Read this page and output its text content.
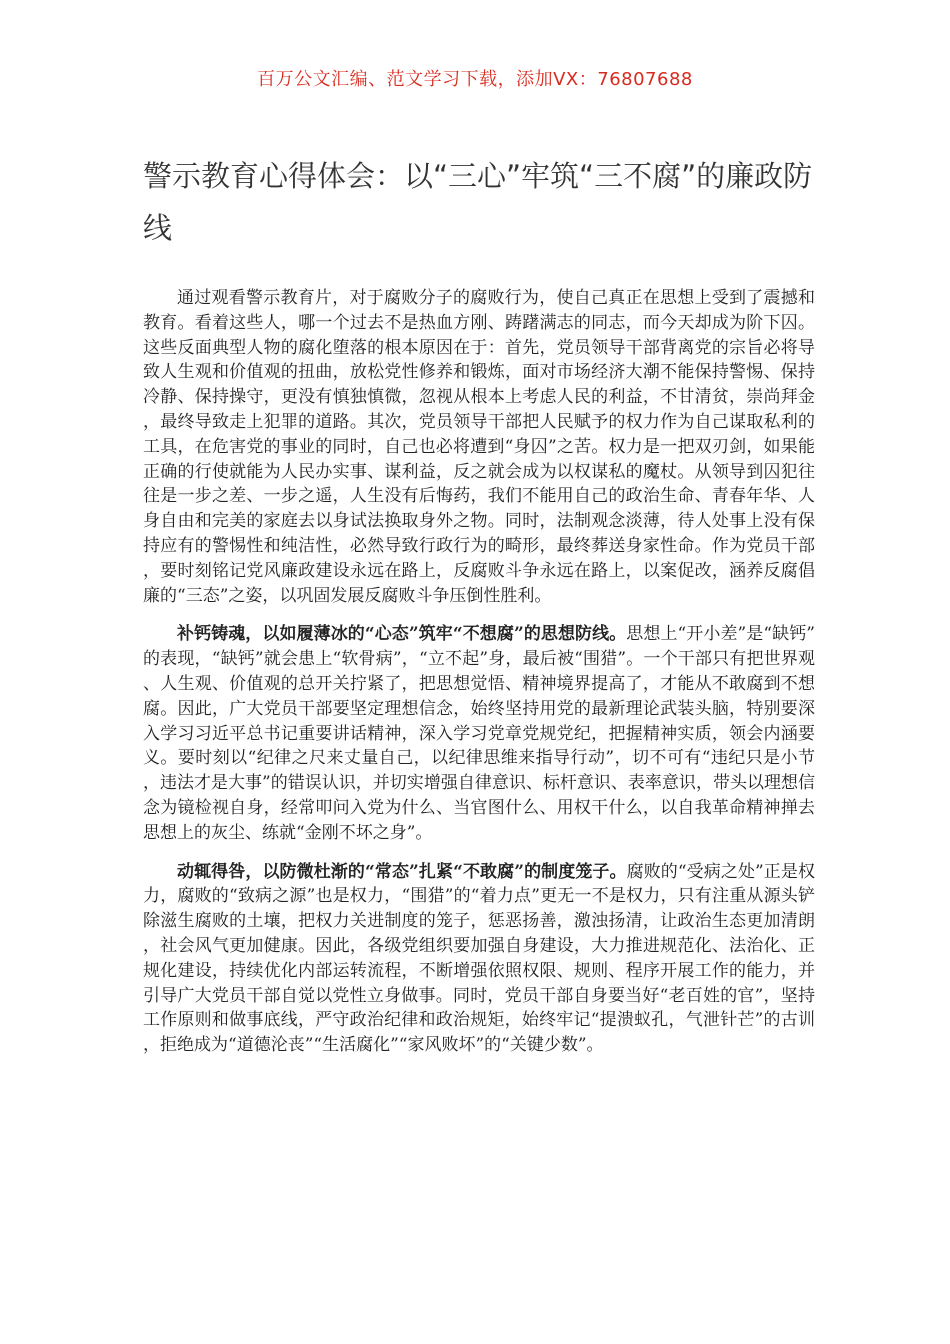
百万公文汇编、范文学习下载，添加VX：76807688
警示教育心得体会：以“三心”牢筑“三不腐”的廉政防线

通过观看警示教育片，对于腐败分子的腐败行为，使自己真正在思想上受到了震撼和教育。看着这些人，哪一个过去不是热血方刚、踌躇满志的同志，而今天却成为阶下囚。这些反面典型人物的腐化堕落的根本原因在于：首先，党员领导干部背离党的宗旨必将导致人生观和价值观的扭曲，放松党性修养和锻炼，面对市场经济大潮不能保持警惕、保持冷静、保持操守，更没有慎独慎微，忽视从根本上考虑人民的利益，不甘清贫，崇尚拜金，最终导致走上犯罪的道路。其次，党员领导干部把人民赋予的权力作为自己谋取私利的工具，在危害党的事业的同时，自己也必将遭到“身囚”之苦。权力是一把双刃剑，如果能正确的行使就能为人民办实事、谋利益，反之就会成为以权谋私的魔杖。从领导到囚犯往往是一步之差、一步之遥，人生没有后悔药，我们不能用自己的政治生命、青春年华、人身自由和完美的家庭去以身试法换取身外之物。同时，法制观念淡薄，待人处事上没有保持应有的警惕性和纯洁性，必然导致行政行为的畸形，最终葬送身家性命。作为党员干部，要时刻铭记党风廉政建设永远在路上，反腐败斗争永远在路上，以案促改，涵养反腐倡廉的“三态”之姿，以巩固发展反腐败斗争压倒性胜利。

补钙铸魂，以如履薄冰的“心态”筑牢“不想腐”的思想防线。思想上“开小差”是“缺钙”的表现，“缺钙”就会患上“软骨病”，“立不起”身，最后被“围猎”。一个干部只有把世界观、人生观、价值观的总开关拧紧了，把思想觉悟、精神境界提高了，才能从不敢腐到不想腐。因此，广大党员干部要坚定理想信念，始终坚持用党的最新理论武装头脑，特别要深入学习习近平总书记重要讲话精神，深入学习党章党规党纪，把握精神实质，领会内涵要义。要时刻以“纪律之尺来丈量自己，以纪律思维来指导行动”，切不可有“违纪只是小节，违法才是大事”的错误认识，并切实增强自律意识、标杆意识、表率意识，带头以理想信念为镜检视自身，经常叩问入党为什么、当官图什么、用权干什么，以自我革命精神掸去思想上的灰尘、练就“金刚不坏之身”。

动辄得咎，以防微杜渐的“常态”扎紧“不敢腐”的制度笼子。腐败的“受病之处”正是权力，腐败的“致病之源”也是权力，“围猎”的“着力点”更无一不是权力，只有注重从源头铲除滋生腐败的土壤，把权力关进制度的笼子，惩恶扬善，激浊扬清，让政治生态更加清朗，社会风气更加健康。因此，各级党组织要加强自身建设，大力推进规范化、法治化、正规化建设，持续优化内部运转流程，不断增强依照权限、规则、程序开展工作的能力，并引导广大党员干部自觉以党性立身做事。同时，党员干部自身要当好“老百姓的官”，坚持工作原则和做事底线，严守政治纪律和政治规矩，始终牢记“提溃蚁孔，气泄针芒”的古训，拒绝成为“道德沦丧”“生活腐化”“家风败坏”的“关键少数”。
